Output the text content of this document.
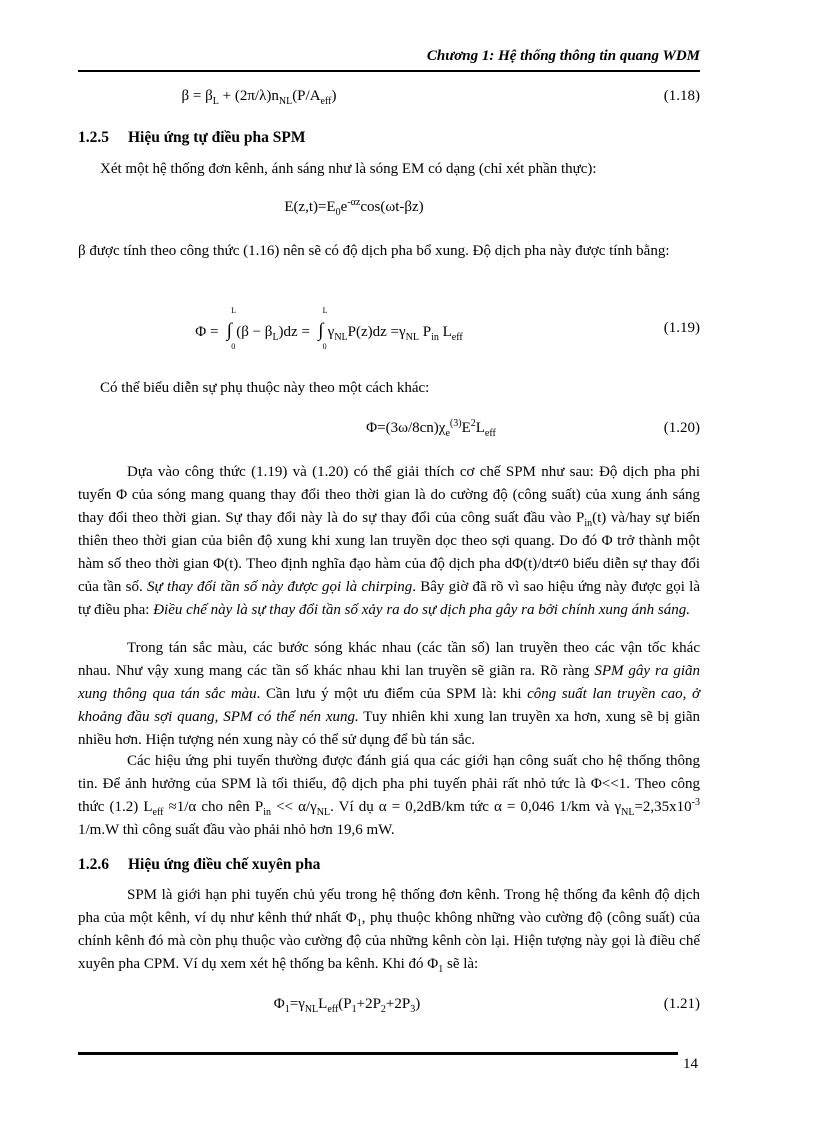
Chương 1: Hệ thống thông tin quang WDM
$\beta = \beta_L + (2\pi/\lambda)n_{NL}(P/A_{eff})$	(1.18)
1.2.5 Hiệu ứng tự điều pha SPM

Xét một hệ thống đơn kênh, ánh sáng như là sóng EM có dạng (chỉ xét phần thực):

$E(z,t)=E_0e^{-\alpha z}\cos(\omega t-\beta z)$

β được tính theo công thức (1.16) nên sẽ có độ dịch pha bổ xung. Độ dịch pha này được tính bằng:

Φ = ∫
L
0
$(\beta - \beta_L)dz$ = ∫
L
0
$\gamma_{NL}P(z)dz =\gamma_{NL}$ $P_{in}$ $L_{eff}$
(1.19)

Có thể biểu diễn sự phụ thuộc này theo một cách khác:

$\Phi=(3\omega/8cn)\chi_e^{(3)}E^2L_{eff}$	(1.20)

Dựa vào công thức (1.19) và (1.20) có thể giải thích cơ chế SPM như sau: Độ dịch pha phi tuyến Φ của sóng mang quang thay đổi theo thời gian là do cường độ (công suất) của xung ánh sáng thay đổi theo thời gian. Sự thay đổi này là do sự thay đổi của công suất đầu vào $P_{in}(t)$ và/hay sự biến thiên theo thời gian của biên độ xung khi xung lan truyền dọc theo sợi quang. Do đó Φ trở thành một hàm số theo thời gian Φ(t). Theo định nghĩa đạo hàm của độ dịch pha dΦ(t)/dt≠0 biểu diễn sự thay đổi của tần số. Sự thay đổi tần số này được gọi là chirping. Bây giờ đã rõ vì sao hiệu ứng này được gọi là tự điều pha: Điều chế này là sự thay đổi tần số xảy ra do sự dịch pha gây ra bởi chính xung ánh sáng.

Trong tán sắc màu, các bước sóng khác nhau (các tần số) lan truyền theo các vận tốc khác nhau. Như vậy xung mang các tần số khác nhau khi lan truyền sẽ giãn ra. Rõ ràng SPM gây ra giãn xung thông qua tán sắc màu. Cần lưu ý một ưu điểm của SPM là: khi công suất lan truyền cao, ở khoảng đầu sợi quang, SPM có thể nén xung. Tuy nhiên khi xung lan truyền xa hơn, xung sẽ bị giãn nhiều hơn. Hiện tượng nén xung này có thể sử dụng để bù tán sắc.

Các hiệu ứng phi tuyến thường được đánh giá qua các giới hạn công suất cho hệ thống thông tin. Để ảnh hưởng của SPM là tối thiểu, độ dịch pha phi tuyến phải rất nhỏ tức là Φ<<1. Theo công thức (1.2) $L_{eff} \approx 1/\alpha$ cho nên $P_{in} << \alpha/\gamma_{NL}$. Ví dụ α = 0,2dB/km tức α = 0,046 1/km và $\gamma_{NL}=2,35x10^{-3}$ 1/m.W thì công suất đầu vào phải nhỏ hơn 19,6 mW.

1.2.6 Hiệu ứng điều chế xuyên pha

SPM là giới hạn phi tuyến chủ yếu trong hệ thống đơn kênh. Trong hệ thống đa kênh độ dịch pha của một kênh, ví dụ như kênh thứ nhất $\Phi_1$, phụ thuộc không những vào cường độ (công suất) của chính kênh đó mà còn phụ thuộc vào cường độ của những kênh còn lại. Hiện tượng này gọi là điều chế xuyên pha CPM. Ví dụ xem xét hệ thống ba kênh. Khi đó $\Phi_1$ sẽ là:

$\Phi_1=\gamma_{NL}L_{eff}(P_1+2P_2+2P_3)$	(1.21)
14
